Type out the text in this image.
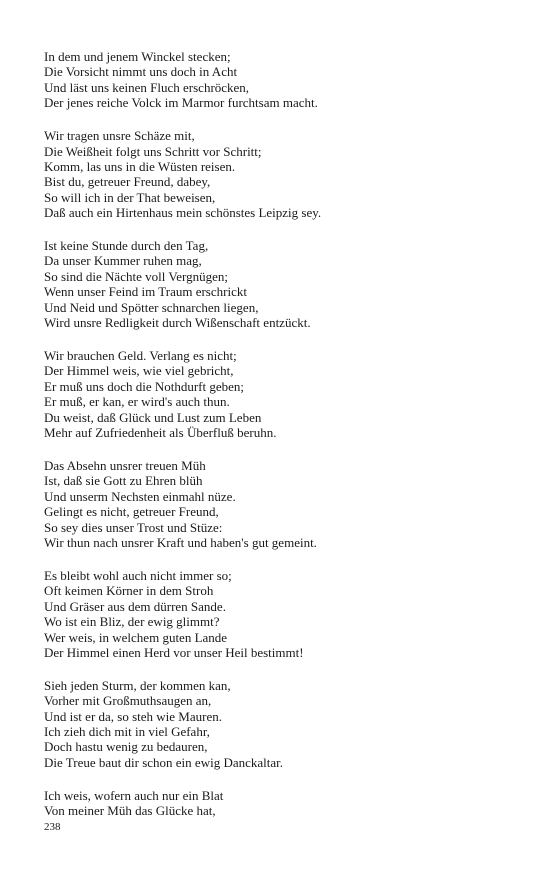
In dem und jenem Winckel stecken;
Die Vorsicht nimmt uns doch in Acht
Und läst uns keinen Fluch erschröcken,
Der jenes reiche Volck im Marmor furchtsam macht.
Wir tragen unsre Schäze mit,
Die Weißheit folgt uns Schritt vor Schritt;
Komm, las uns in die Wüsten reisen.
Bist du, getreuer Freund, dabey,
So will ich in der That beweisen,
Daß auch ein Hirtenhaus mein schönstes Leipzig sey.
Ist keine Stunde durch den Tag,
Da unser Kummer ruhen mag,
So sind die Nächte voll Vergnügen;
Wenn unser Feind im Traum erschrickt
Und Neid und Spötter schnarchen liegen,
Wird unsre Redligkeit durch Wißenschaft entzückt.
Wir brauchen Geld. Verlang es nicht;
Der Himmel weis, wie viel gebricht,
Er muß uns doch die Nothdurft geben;
Er muß, er kan, er wird's auch thun.
Du weist, daß Glück und Lust zum Leben
Mehr auf Zufriedenheit als Überfluß beruhn.
Das Absehn unsrer treuen Müh
Ist, daß sie Gott zu Ehren blüh
Und unserm Nechsten einmahl nüze.
Gelingt es nicht, getreuer Freund,
So sey dies unser Trost und Stüze:
Wir thun nach unsrer Kraft und haben's gut gemeint.
Es bleibt wohl auch nicht immer so;
Oft keimen Körner in dem Stroh
Und Gräser aus dem dürren Sande.
Wo ist ein Bliz, der ewig glimmt?
Wer weis, in welchem guten Lande
Der Himmel einen Herd vor unser Heil bestimmt!
Sieh jeden Sturm, der kommen kan,
Vorher mit Großmuthsaugen an,
Und ist er da, so steh wie Mauren.
Ich zieh dich mit in viel Gefahr,
Doch hastu wenig zu bedauren,
Die Treue baut dir schon ein ewig Danckaltar.
Ich weis, wofern auch nur ein Blat
Von meiner Müh das Glücke hat,
238
